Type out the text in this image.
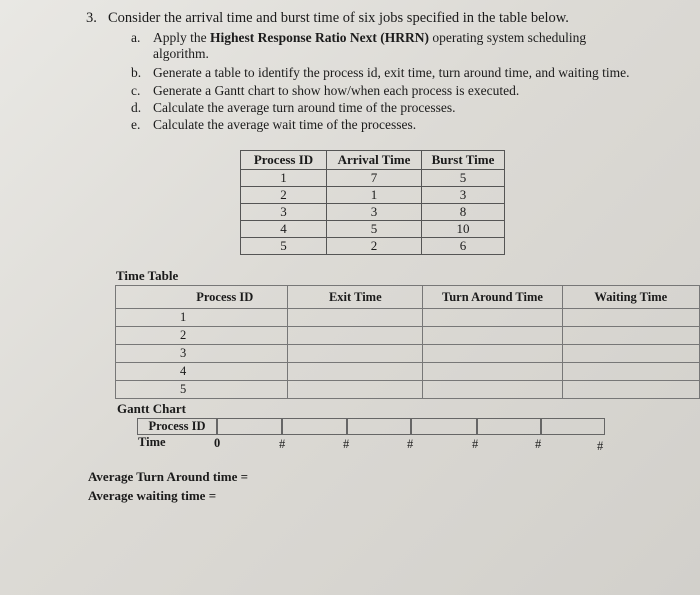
3. Consider the arrival time and burst time of six jobs specified in the table below.
a. Apply the Highest Response Ratio Next (HRRN) operating system scheduling
algorithm.
b. Generate a table to identify the process id, exit time, turn around time, and waiting time.
c. Generate a Gantt chart to show how/when each process is executed.
d. Calculate the average turn around time of the processes.
e. Calculate the average wait time of the processes.
Process ID	Arrival Time	Burst Time
1	7	5
2	1	3
3	3	8
4	5	10
5	2	6
Time Table
Process ID	Exit Time	Turn Around Time	Waiting Time
1			
2			
3			
4			
5			
Gantt Chart
Process ID
Time	0	#	#	#	#	#	#
Average Turn Around time =
Average waiting time =
